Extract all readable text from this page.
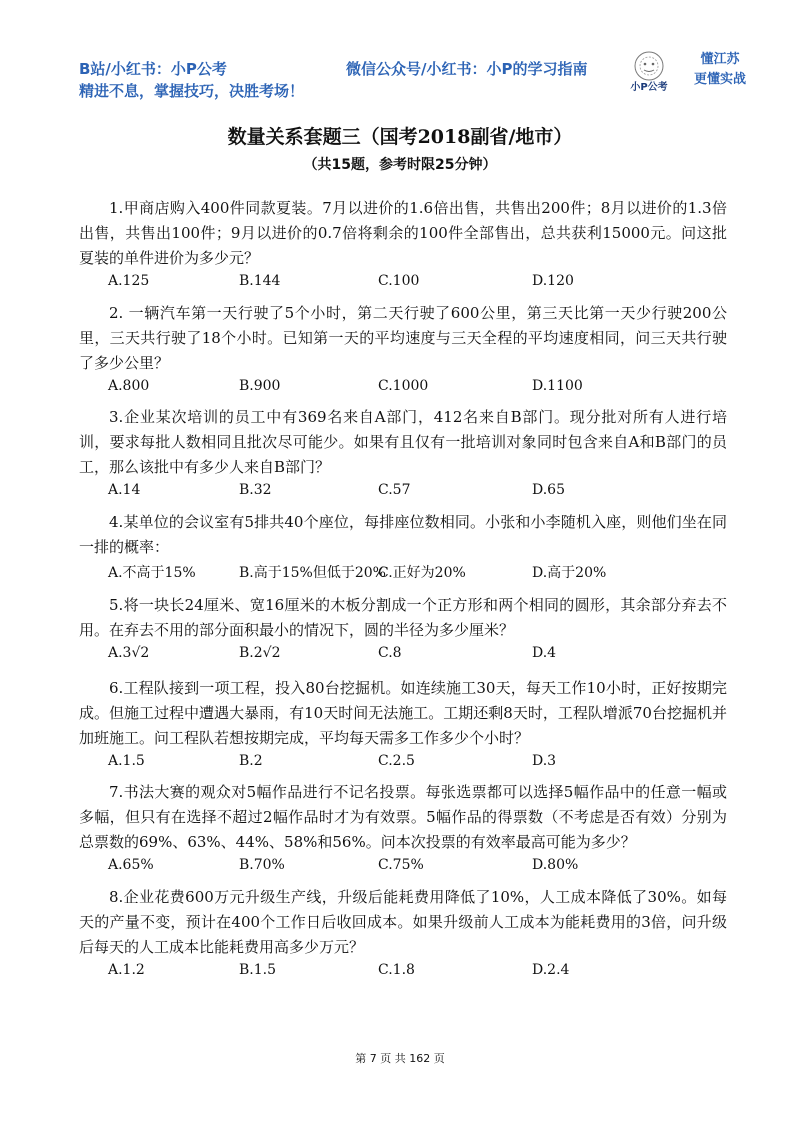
B站/小红书：小P公考
精进不息，掌握技巧，决胜考场！
微信公众号/小红书：小P的学习指南
小P公考
懂江苏
更懂实战
数量关系套题三（国考2018副省/地市）
（共15题，参考时限25分钟）

1.甲商店购入400件同款夏装。7月以进价的1.6倍出售，共售出200件；8月以进价的1.3倍出售，共售出100件；9月以进价的0.7倍将剩余的100件全部售出，总共获利15000元。问这批夏装的单件进价为多少元？

A.125	B.144	C.100	D.120

2. 一辆汽车第一天行驶了5个小时，第二天行驶了600公里，第三天比第一天少行驶200公里，三天共行驶了18个小时。已知第一天的平均速度与三天全程的平均速度相同，问三天共行驶了多少公里？

A.800	B.900	C.1000	D.1100

3.企业某次培训的员工中有369名来自A部门，412名来自B部门。现分批对所有人进行培训，要求每批人数相同且批次尽可能少。如果有且仅有一批培训对象同时包含来自A和B部门的员工，那么该批中有多少人来自B部门？

A.14	B.32	C.57	D.65

4.某单位的会议室有5排共40个座位，每排座位数相同。小张和小李随机入座，则他们坐在同一排的概率：

A.不高于15%	B.高于15%但低于20%
C.正好为20%	D.高于20%

5.将一块长24厘米、宽16厘米的木板分割成一个正方形和两个相同的圆形，其余部分弃去不用。在弃去不用的部分面积最小的情况下，圆的半径为多少厘米？

A.3√2	B.2√2	C.8	D.4

6.工程队接到一项工程，投入80台挖掘机。如连续施工30天，每天工作10小时，正好按期完成。但施工过程中遭遇大暴雨，有10天时间无法施工。工期还剩8天时，工程队增派70台挖掘机并加班施工。问工程队若想按期完成，平均每天需多工作多少个小时？

A.1.5	B.2	C.2.5	D.3

7.书法大赛的观众对5幅作品进行不记名投票。每张选票都可以选择5幅作品中的任意一幅或多幅，但只有在选择不超过2幅作品时才为有效票。5幅作品的得票数（不考虑是否有效）分别为总票数的69%、63%、44%、58%和56%。问本次投票的有效率最高可能为多少？

A.65%	B.70%	C.75%	D.80%

8.企业花费600万元升级生产线，升级后能耗费用降低了10%，人工成本降低了30%。如每天的产量不变，预计在400个工作日后收回成本。如果升级前人工成本为能耗费用的3倍，问升级后每天的人工成本比能耗费用高多少万元？

A.1.2	B.1.5	C.1.8	D.2.4
第 7 页 共 162 页
